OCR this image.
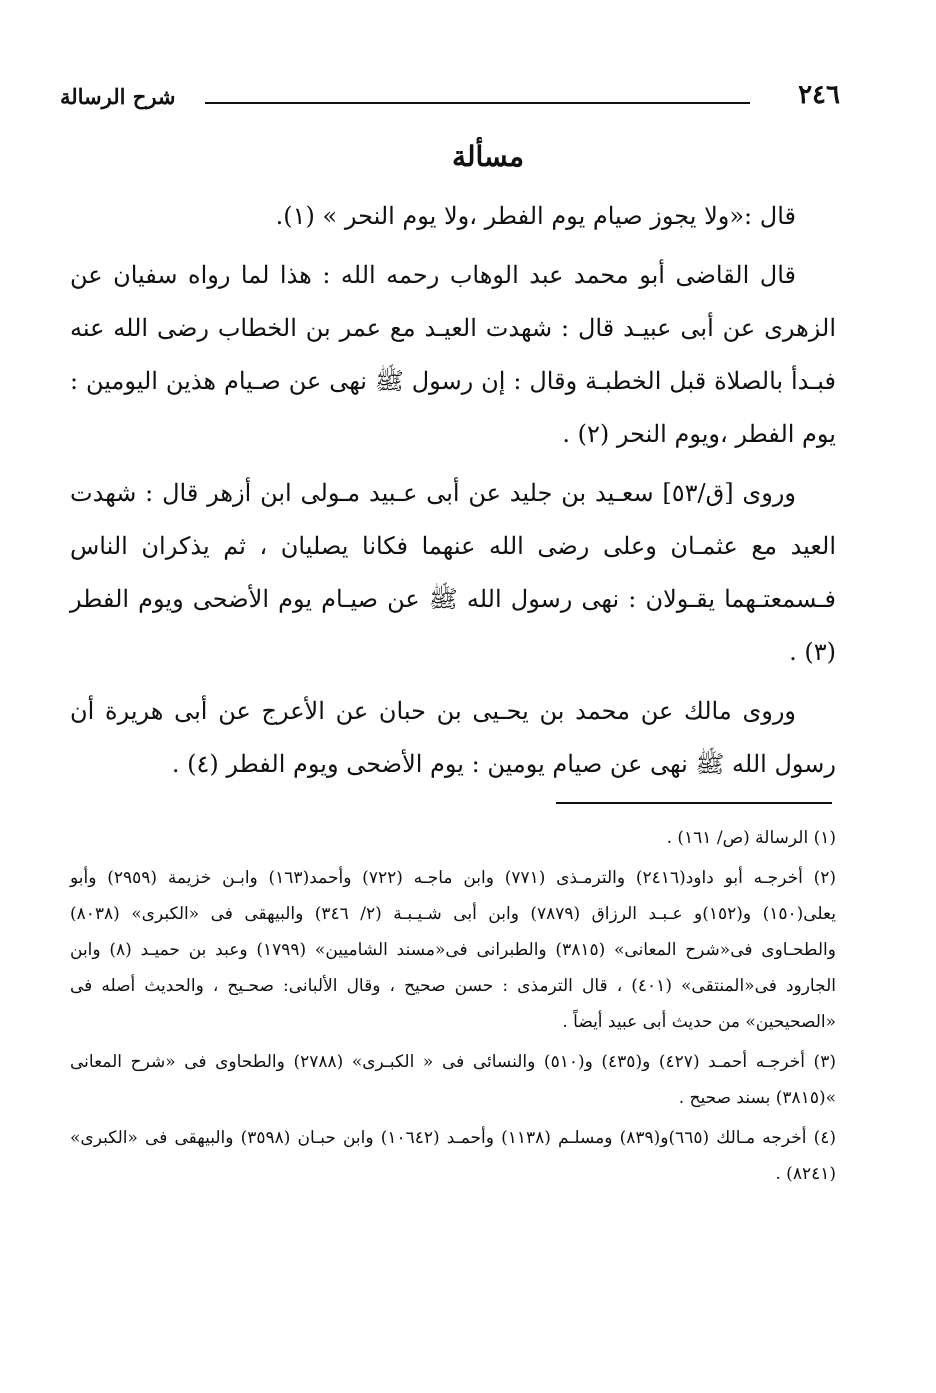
٢٤٦
شرح الرسالة
مسألة

قال :«ولا يجوز صيام يوم الفطر ،ولا يوم النحر » (١).

قال القاضى أبو محمد عبد الوهاب رحمه الله : هذا لما رواه سفيان عن الزهرى عن أبى عبيـد قال : شهدت العيـد مع عمر بن الخطاب رضى الله عنه فبـدأ بالصلاة قبل الخطبـة وقال : إن رسول ﷺ نهى عن صـيام هذين اليومين : يوم الفطر ،ويوم النحر (٢) .

وروى [ق/٥٣] سعـيد بن جليد عن أبى عـبيد مـولى ابن أزهر قال : شهدت العيد مع عثمـان وعلى رضى الله عنهما فكانا يصليان ، ثم يذكران الناس فـسمعتـهما يقـولان : نهى رسول الله ﷺ عن صيـام يوم الأضحى ويوم الفطر (٣) .

وروى مالك عن محمد بن يحـيى بن حبان عن الأعرج عن أبى هريرة أن رسول الله ﷺ نهى عن صيام يومين : يوم الأضحى ويوم الفطر (٤) .

(١) الرسالة (ص/ ١٦١) .

(٢) أخرجـه أبو داود(٢٤١٦) والترمـذى (٧٧١) وابن ماجـه (٧٢٢) وأحمد(١٦٣) وابـن خزيمة (٢٩٥٩) وأبو يعلى(١٥٠) و(١٥٢)و عـبـد الرزاق (٧٨٧٩) وابن أبى شـيـبـة (٢/ ٣٤٦) والبيهقى فى «الكبرى» (٨٠٣٨) والطحـاوى فى«شرح المعانى» (٣٨١٥) والطبرانى فى«مسند الشاميين» (١٧٩٩) وعبد بن حميـد (٨) وابن الجارود فى«المنتقى» (٤٠١) ، قال الترمذى : حسن صحيح ، وقال الألبانى: صحـيح ، والحديث أصله فى «الصحيحين» من حديث أبى عبيد أيضاً .

(٣) أخرجـه أحمـد (٤٢٧) و(٤٣٥) و(٥١٠) والنسائى فى « الكبـرى» (٢٧٨٨) والطحاوى فى «شرح المعانى »(٣٨١٥) بسند صحيح .

(٤) أخرجه مـالك (٦٦٥)و(٨٣٩) ومسلـم (١١٣٨) وأحمـد (١٠٦٤٢) وابن حبـان (٣٥٩٨) والبيهقى فى «الكبرى» (٨٢٤١) .
